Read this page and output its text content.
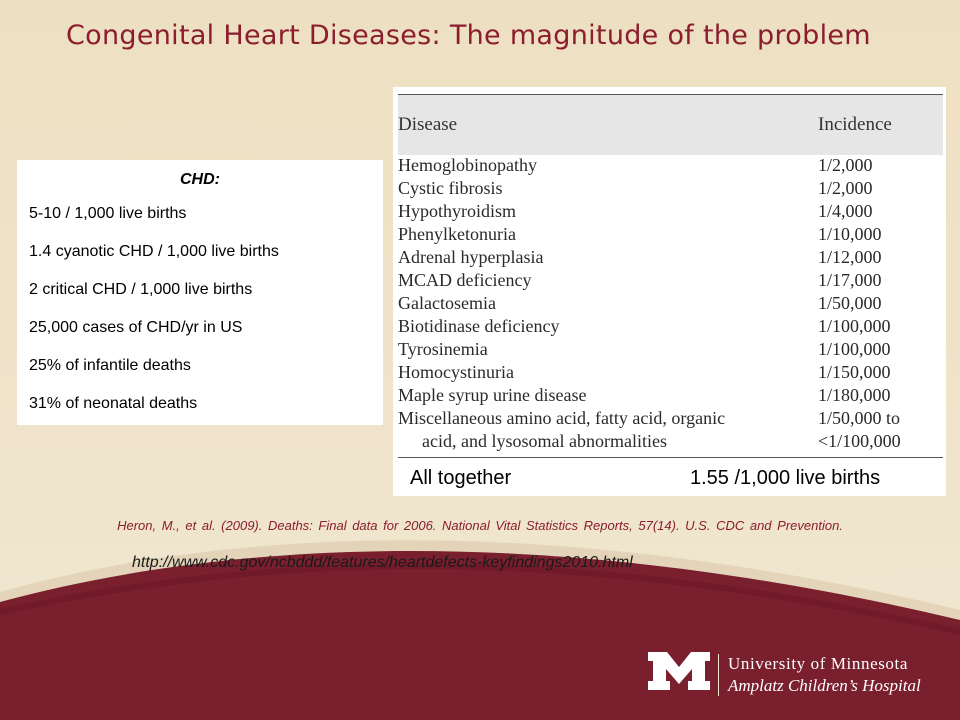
Congenital Heart Diseases: The magnitude of the problem
CHD:
5-10 / 1,000 live births
1.4 cyanotic CHD / 1,000 live births
2 critical CHD / 1,000 live births
25,000 cases of CHD/yr in US
25% of infantile deaths
31% of neonatal deaths
Disease	Incidence
Hemoglobinopathy	1/2,000
Cystic fibrosis	1/2,000
Hypothyroidism	1/4,000
Phenylketonuria	1/10,000
Adrenal hyperplasia	1/12,000
MCAD deficiency	1/17,000
Galactosemia	1/50,000
Biotidinase deficiency	1/100,000
Tyrosinemia	1/100,000
Homocystinuria	1/150,000
Maple syrup urine disease	1/180,000
Miscellaneous amino acid, fatty acid, organic	1/50,000 to
acid, and lysosomal abnormalities	<1/100,000
All together	1.55 /1,000 live births
Heron, M., et al. (2009). Deaths: Final data for 2006. National Vital Statistics Reports, 57(14). U.S. CDC and Prevention.
http://www.cdc.gov/ncbddd/features/heartdefects-keyfindings2010.html
University of Minnesota
Amplatz Children’s Hospital
